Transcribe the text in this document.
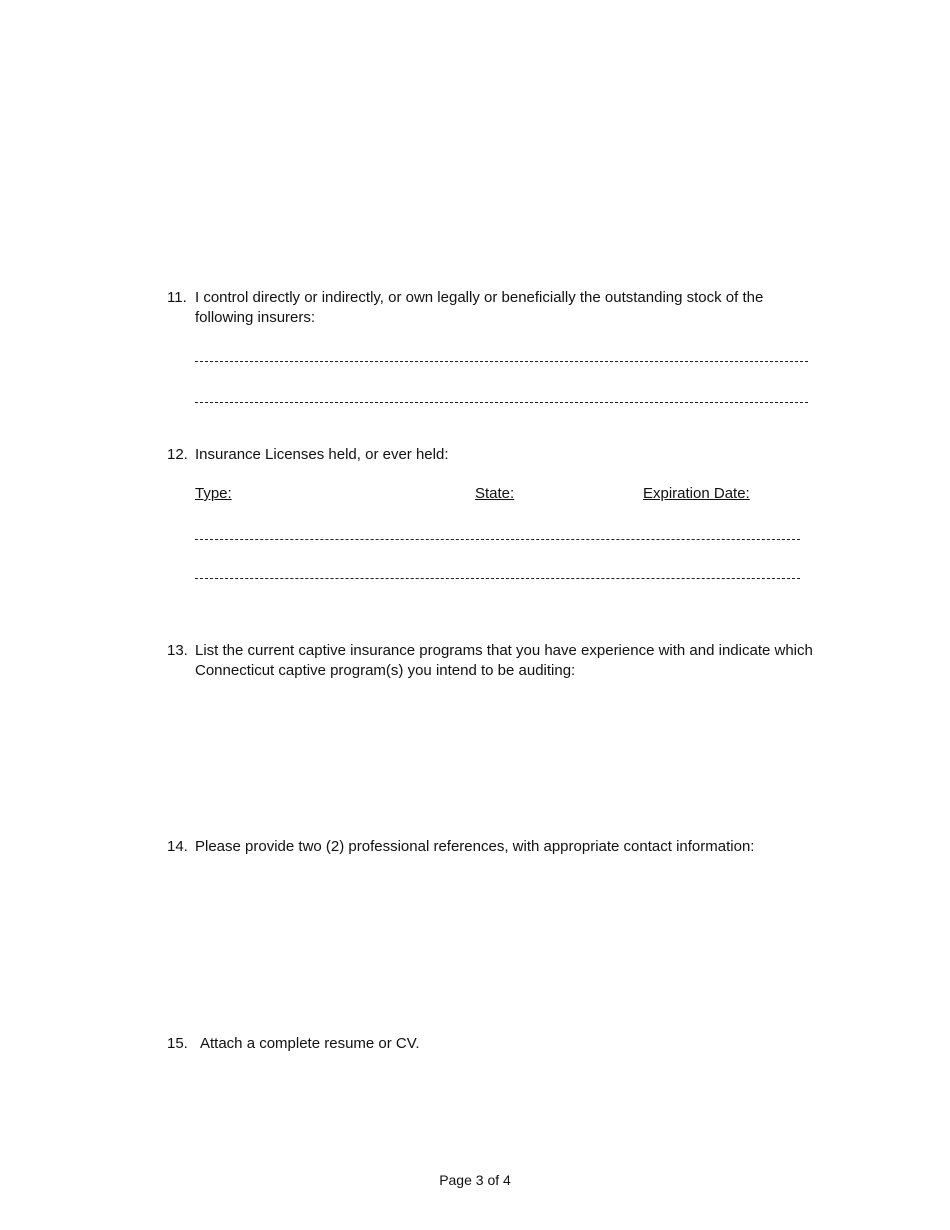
11. I control directly or indirectly, or own legally or beneficially the outstanding stock of the following insurers:
12. Insurance Licenses held, or ever held:
Type:	State:	Expiration Date:
13. List the current captive insurance programs that you have experience with and indicate which Connecticut captive program(s) you intend to be auditing:
14. Please provide two (2) professional references, with appropriate contact information:
15. Attach a complete resume or CV.
Page 3 of 4
